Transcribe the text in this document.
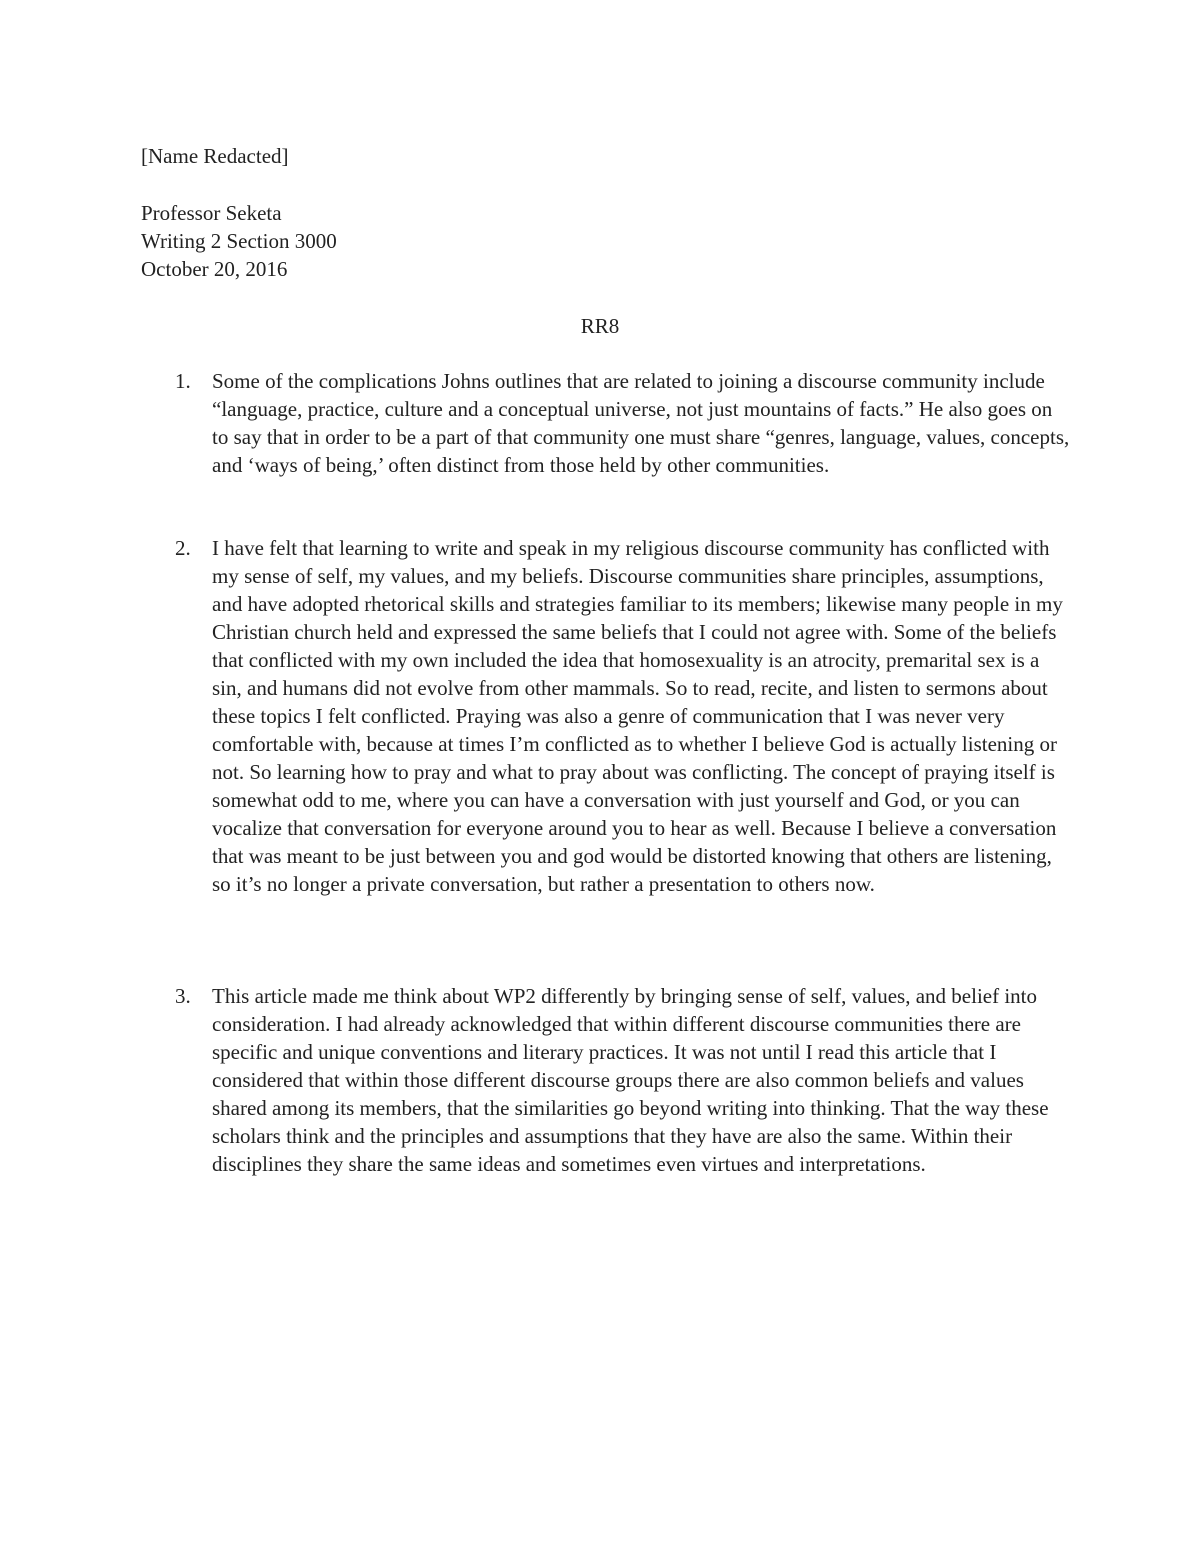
[Name Redacted]
Professor Seketa
Writing 2 Section 3000
October 20, 2016
RR8
1. Some of the complications Johns outlines that are related to joining a discourse community include “language, practice, culture and a conceptual universe, not just mountains of facts.” He also goes on to say that in order to be a part of that community one must share “genres, language, values, concepts, and ‘ways of being,’ often distinct from those held by other communities.

2. I have felt that learning to write and speak in my religious discourse community has conflicted with my sense of self, my values, and my beliefs. Discourse communities share principles, assumptions, and have adopted rhetorical skills and strategies familiar to its members; likewise many people in my Christian church held and expressed the same beliefs that I could not agree with. Some of the beliefs that conflicted with my own included the idea that homosexuality is an atrocity, premarital sex is a sin, and humans did not evolve from other mammals. So to read, recite, and listen to sermons about these topics I felt conflicted. Praying was also a genre of communication that I was never very comfortable with, because at times I’m conflicted as to whether I believe God is actually listening or not. So learning how to pray and what to pray about was conflicting. The concept of praying itself is somewhat odd to me, where you can have a conversation with just yourself and God, or you can vocalize that conversation for everyone around you to hear as well. Because I believe a conversation that was meant to be just between you and god would be distorted knowing that others are listening, so it’s no longer a private conversation, but rather a presentation to others now.

3. This article made me think about WP2 differently by bringing sense of self, values, and belief into consideration. I had already acknowledged that within different discourse communities there are specific and unique conventions and literary practices. It was not until I read this article that I considered that within those different discourse groups there are also common beliefs and values shared among its members, that the similarities go beyond writing into thinking. That the way these scholars think and the principles and assumptions that they have are also the same. Within their disciplines they share the same ideas and sometimes even virtues and interpretations.
